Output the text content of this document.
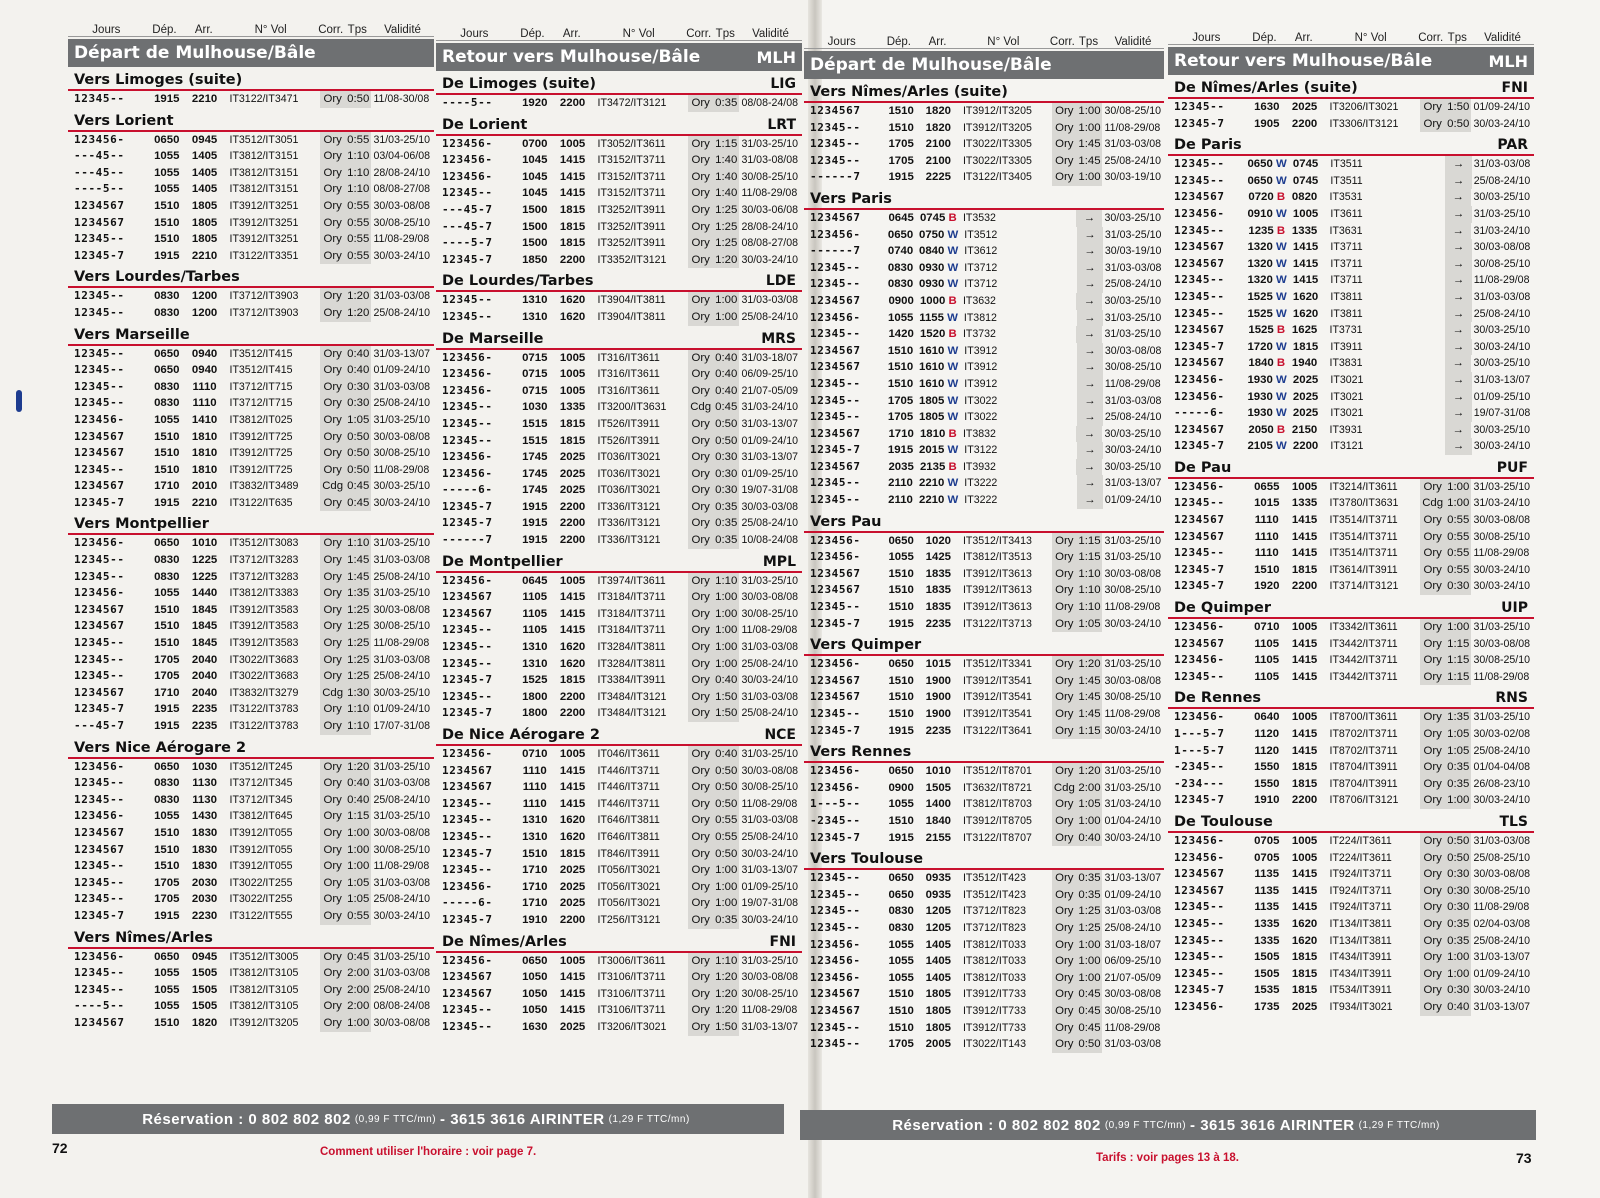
Jours	Dép.	Arr.	N° Vol	Corr. Tps	Validité
Départ de Mulhouse/Bâle
Vers Limoges (suite)
12345--	1915	2210	IT3122/IT3471	Ory 0:50 11/08-30/08
Vers Lorient
123456-	0650	0945	IT3512/IT3051	Ory 0:55 31/03-25/10
---45--	1055	1405	IT3812/IT3151	Ory 1:10 03/04-06/08
---45--	1055	1405	IT3812/IT3151	Ory 1:10 28/08-24/10
----5--	1055	1405	IT3812/IT3151	Ory 1:10 08/08-27/08
1234567	1510	1805	IT3912/IT3251	Ory 0:55 30/03-08/08
1234567	1510	1805	IT3912/IT3251	Ory 0:55 30/08-25/10
12345--	1510	1805	IT3912/IT3251	Ory 0:55 11/08-29/08
12345-7	1915	2210	IT3122/IT3351	Ory 0:55 30/03-24/10
Vers Lourdes/Tarbes
12345--	0830	1200	IT3712/IT3903	Ory 1:20 31/03-03/08
12345--	0830	1200	IT3712/IT3903	Ory 1:20 25/08-24/10
Vers Marseille
12345--	0650	0940	IT3512/IT415	Ory 0:40 31/03-13/07
12345--	0650	0940	IT3512/IT415	Ory 0:40 01/09-24/10
12345--	0830	1110	IT3712/IT715	Ory 0:30 31/03-03/08
12345--	0830	1110	IT3712/IT715	Ory 0:30 25/08-24/10
123456-	1055	1410	IT3812/IT025	Ory 1:05 31/03-25/10
1234567	1510	1810	IT3912/IT725	Ory 0:50 30/03-08/08
1234567	1510	1810	IT3912/IT725	Ory 0:50 30/08-25/10
12345--	1510	1810	IT3912/IT725	Ory 0:50 11/08-29/08
1234567	1710	2010	IT3832/IT3489	Cdg 0:45 30/03-25/10
12345-7	1915	2210	IT3122/IT635	Ory 0:45 30/03-24/10
Vers Montpellier
123456-	0650	1010	IT3512/IT3083	Ory 1:10 31/03-25/10
12345--	0830	1225	IT3712/IT3283	Ory 1:45 31/03-03/08
12345--	0830	1225	IT3712/IT3283	Ory 1:45 25/08-24/10
123456-	1055	1440	IT3812/IT3383	Ory 1:35 31/03-25/10
1234567	1510	1845	IT3912/IT3583	Ory 1:25 30/03-08/08
1234567	1510	1845	IT3912/IT3583	Ory 1:25 30/08-25/10
12345--	1510	1845	IT3912/IT3583	Ory 1:25 11/08-29/08
12345--	1705	2040	IT3022/IT3683	Ory 1:25 31/03-03/08
12345--	1705	2040	IT3022/IT3683	Ory 1:25 25/08-24/10
1234567	1710	2040	IT3832/IT3279	Cdg 1:30 30/03-25/10
12345-7	1915	2235	IT3122/IT3783	Ory 1:10 01/09-24/10
---45-7	1915	2235	IT3122/IT3783	Ory 1:10 17/07-31/08
Vers Nice Aérogare 2
123456-	0650	1030	IT3512/IT245	Ory 1:20 31/03-25/10
12345--	0830	1130	IT3712/IT345	Ory 0:40 31/03-03/08
12345--	0830	1130	IT3712/IT345	Ory 0:40 25/08-24/10
123456-	1055	1430	IT3812/IT645	Ory 1:15 31/03-25/10
1234567	1510	1830	IT3912/IT055	Ory 1:00 30/03-08/08
1234567	1510	1830	IT3912/IT055	Ory 1:00 30/08-25/10
12345--	1510	1830	IT3912/IT055	Ory 1:00 11/08-29/08
12345--	1705	2030	IT3022/IT255	Ory 1:05 31/03-03/08
12345--	1705	2030	IT3022/IT255	Ory 1:05 25/08-24/10
12345-7	1915	2230	IT3122/IT555	Ory 0:55 30/03-24/10
Vers Nîmes/Arles
123456-	0650	0945	IT3512/IT3005	Ory 0:45 31/03-25/10
12345--	1055	1505	IT3812/IT3105	Ory 2:00 31/03-03/08
12345--	1055	1505	IT3812/IT3105	Ory 2:00 25/08-24/10
----5--	1055	1505	IT3812/IT3105	Ory 2:00 08/08-24/08
1234567	1510	1820	IT3912/IT3205	Ory 1:00 30/03-08/08
Jours	Dép.	Arr.	N° Vol	Corr. Tps	Validité
Retour vers Mulhouse/Bâle	MLH
De Limoges (suite)	LIG
----5--	1920	2200	IT3472/IT3121	Ory 0:35 08/08-24/08
De Lorient	LRT
123456-	0700	1005	IT3052/IT3611	Ory 1:15 31/03-25/10
123456-	1045	1415	IT3152/IT3711	Ory 1:40 31/03-08/08
123456-	1045	1415	IT3152/IT3711	Ory 1:40 30/08-25/10
12345--	1045	1415	IT3152/IT3711	Ory 1:40 11/08-29/08
---45-7	1500	1815	IT3252/IT3911	Ory 1:25 30/03-06/08
---45-7	1500	1815	IT3252/IT3911	Ory 1:25 28/08-24/10
----5-7	1500	1815	IT3252/IT3911	Ory 1:25 08/08-27/08
12345-7	1850	2200	IT3352/IT3121	Ory 1:20 30/03-24/10
De Lourdes/Tarbes	LDE
12345--	1310	1620	IT3904/IT3811	Ory 1:00 31/03-03/08
12345--	1310	1620	IT3904/IT3811	Ory 1:00 25/08-24/10
De Marseille	MRS
123456-	0715	1005	IT316/IT3611	Ory 0:40 31/03-18/07
123456-	0715	1005	IT316/IT3611	Ory 0:40 06/09-25/10
123456-	0715	1005	IT316/IT3611	Ory 0:40 21/07-05/09
12345--	1030	1335	IT3200/IT3631	Cdg 0:45 31/03-24/10
12345--	1515	1815	IT526/IT3911	Ory 0:50 31/03-13/07
12345--	1515	1815	IT526/IT3911	Ory 0:50 01/09-24/10
123456-	1745	2025	IT036/IT3021	Ory 0:30 31/03-13/07
123456-	1745	2025	IT036/IT3021	Ory 0:30 01/09-25/10
-----6-	1745	2025	IT036/IT3021	Ory 0:30 19/07-31/08
12345-7	1915	2200	IT336/IT3121	Ory 0:35 30/03-03/08
12345-7	1915	2200	IT336/IT3121	Ory 0:35 25/08-24/10
------7	1915	2200	IT336/IT3121	Ory 0:35 10/08-24/08
De Montpellier	MPL
123456-	0645	1005	IT3974/IT3611	Ory 1:10 31/03-25/10
1234567	1105	1415	IT3184/IT3711	Ory 1:00 30/03-08/08
1234567	1105	1415	IT3184/IT3711	Ory 1:00 30/08-25/10
12345--	1105	1415	IT3184/IT3711	Ory 1:00 11/08-29/08
12345--	1310	1620	IT3284/IT3811	Ory 1:00 31/03-03/08
12345--	1310	1620	IT3284/IT3811	Ory 1:00 25/08-24/10
12345-7	1525	1815	IT3384/IT3911	Ory 0:40 30/03-24/10
12345--	1800	2200	IT3484/IT3121	Ory 1:50 31/03-03/08
12345-7	1800	2200	IT3484/IT3121	Ory 1:50 25/08-24/10
De Nice Aérogare 2	NCE
123456-	0710	1005	IT046/IT3611	Ory 0:40 31/03-25/10
1234567	1110	1415	IT446/IT3711	Ory 0:50 30/03-08/08
1234567	1110	1415	IT446/IT3711	Ory 0:50 30/08-25/10
12345--	1110	1415	IT446/IT3711	Ory 0:50 11/08-29/08
12345--	1310	1620	IT646/IT3811	Ory 0:55 31/03-03/08
12345--	1310	1620	IT646/IT3811	Ory 0:55 25/08-24/10
12345-7	1510	1815	IT846/IT3911	Ory 0:50 30/03-24/10
12345--	1710	2025	IT056/IT3021	Ory 1:00 31/03-13/07
123456-	1710	2025	IT056/IT3021	Ory 1:00 01/09-25/10
-----6-	1710	2025	IT056/IT3021	Ory 1:00 19/07-31/08
12345-7	1910	2200	IT256/IT3121	Ory 0:35 30/03-24/10
De Nîmes/Arles	FNI
123456-	0650	1005	IT3006/IT3611	Ory 1:10 31/03-25/10
1234567	1050	1415	IT3106/IT3711	Ory 1:20 30/03-08/08
1234567	1050	1415	IT3106/IT3711	Ory 1:20 30/08-25/10
12345--	1050	1415	IT3106/IT3711	Ory 1:20 11/08-29/08
12345--	1630	2025	IT3206/IT3021	Ory 1:50 31/03-13/07
Jours	Dép.	Arr.	N° Vol	Corr. Tps	Validité
Départ de Mulhouse/Bâle
Vers Nîmes/Arles (suite)
1234567	1510	1820	IT3912/IT3205	Ory 1:00 30/08-25/10
12345--	1510	1820	IT3912/IT3205	Ory 1:00 11/08-29/08
12345--	1705	2100	IT3022/IT3305	Ory 1:45 31/03-03/08
12345--	1705	2100	IT3022/IT3305	Ory 1:45 25/08-24/10
------7	1915	2225	IT3122/IT3405	Ory 1:00 30/03-19/10
Vers Paris
1234567	0645 0745 B IT3532	→ 30/03-25/10
123456-	0650 0750 W IT3512	→ 31/03-25/10
------7	0740 0840 W IT3612	→ 30/03-19/10
12345--	0830 0930 W IT3712	→ 31/03-03/08
12345--	0830 0930 W IT3712	→ 25/08-24/10
1234567	0900 1000 B IT3632	→ 30/03-25/10
123456-	1055 1155 W IT3812	→ 31/03-25/10
12345--	1420 1520 B IT3732	→ 31/03-25/10
1234567	1510 1610 W IT3912	→ 30/03-08/08
1234567	1510 1610 W IT3912	→ 30/08-25/10
12345--	1510 1610 W IT3912	→ 11/08-29/08
12345--	1705 1805 W IT3022	→ 31/03-03/08
12345--	1705 1805 W IT3022	→ 25/08-24/10
1234567	1710 1810 B IT3832	→ 30/03-25/10
12345-7	1915 2015 W IT3122	→ 30/03-24/10
1234567	2035 2135 B IT3932	→ 30/03-25/10
12345--	2110 2210 W IT3222	→ 31/03-13/07
12345--	2110 2210 W IT3222	→ 01/09-24/10
Vers Pau
123456-	0650	1020	IT3512/IT3413	Ory 1:15 31/03-25/10
123456-	1055	1425	IT3812/IT3513	Ory 1:15 31/03-25/10
1234567	1510	1835	IT3912/IT3613	Ory 1:10 30/03-08/08
1234567	1510	1835	IT3912/IT3613	Ory 1:10 30/08-25/10
12345--	1510	1835	IT3912/IT3613	Ory 1:10 11/08-29/08
12345-7	1915	2235	IT3122/IT3713	Ory 1:05 30/03-24/10
Vers Quimper
123456-	0650	1015	IT3512/IT3341	Ory 1:20 31/03-25/10
1234567	1510	1900	IT3912/IT3541	Ory 1:45 30/03-08/08
1234567	1510	1900	IT3912/IT3541	Ory 1:45 30/08-25/10
12345--	1510	1900	IT3912/IT3541	Ory 1:45 11/08-29/08
12345-7	1915	2235	IT3122/IT3641	Ory 1:15 30/03-24/10
Vers Rennes
123456-	0650	1010	IT3512/IT8701	Ory 1:20 31/03-25/10
123456-	0900	1505	IT3632/IT8721	Cdg 2:00 31/03-25/10
1---5--	1055	1400	IT3812/IT8703	Ory 1:05 31/03-24/10
-2345--	1510	1840	IT3912/IT8705	Ory 1:00 01/04-24/10
12345-7	1915	2155	IT3122/IT8707	Ory 0:40 30/03-24/10
Vers Toulouse
12345--	0650	0935	IT3512/IT423	Ory 0:35 31/03-13/07
12345--	0650	0935	IT3512/IT423	Ory 0:35 01/09-24/10
12345--	0830	1205	IT3712/IT823	Ory 1:25 31/03-03/08
12345--	0830	1205	IT3712/IT823	Ory 1:25 25/08-24/10
123456-	1055	1405	IT3812/IT033	Ory 1:00 31/03-18/07
123456-	1055	1405	IT3812/IT033	Ory 1:00 06/09-25/10
123456-	1055	1405	IT3812/IT033	Ory 1:00 21/07-05/09
1234567	1510	1805	IT3912/IT733	Ory 0:45 30/03-08/08
1234567	1510	1805	IT3912/IT733	Ory 0:45 30/08-25/10
12345--	1510	1805	IT3912/IT733	Ory 0:45 11/08-29/08
12345--	1705	2005	IT3022/IT143	Ory 0:50 31/03-03/08
Jours	Dép.	Arr.	N° Vol	Corr. Tps	Validité
Retour vers Mulhouse/Bâle	MLH
De Nîmes/Arles (suite)	FNI
12345--	1630	2025	IT3206/IT3021	Ory 1:50 01/09-24/10
12345-7	1905	2200	IT3306/IT3121	Ory 0:50 30/03-24/10
De Paris	PAR
12345--	0650 W 0745	IT3511	→ 31/03-03/08
12345--	0650 W 0745	IT3511	→ 25/08-24/10
1234567	0720 B 0820	IT3531	→ 30/03-25/10
123456-	0910 W 1005	IT3611	→ 31/03-25/10
12345--	1235 B 1335	IT3631	→ 31/03-24/10
1234567	1320 W 1415	IT3711	→ 30/03-08/08
1234567	1320 W 1415	IT3711	→ 30/08-25/10
12345--	1320 W 1415	IT3711	→ 11/08-29/08
12345--	1525 W 1620	IT3811	→ 31/03-03/08
12345--	1525 W 1620	IT3811	→ 25/08-24/10
1234567	1525 B 1625	IT3731	→ 30/03-25/10
12345-7	1720 W 1815	IT3911	→ 30/03-24/10
1234567	1840 B 1940	IT3831	→ 30/03-25/10
123456-	1930 W 2025	IT3021	→ 31/03-13/07
123456-	1930 W 2025	IT3021	→ 01/09-25/10
-----6-	1930 W 2025	IT3021	→ 19/07-31/08
1234567	2050 B 2150	IT3931	→ 30/03-25/10
12345-7	2105 W 2200	IT3121	→ 30/03-24/10
De Pau	PUF
123456-	0655	1005	IT3214/IT3611	Ory 1:00 31/03-25/10
12345--	1015	1335	IT3780/IT3631	Cdg 1:00 31/03-24/10
1234567	1110	1415	IT3514/IT3711	Ory 0:55 30/03-08/08
1234567	1110	1415	IT3514/IT3711	Ory 0:55 30/08-25/10
12345--	1110	1415	IT3514/IT3711	Ory 0:55 11/08-29/08
12345-7	1510	1815	IT3614/IT3911	Ory 0:55 30/03-24/10
12345-7	1920	2200	IT3714/IT3121	Ory 0:30 30/03-24/10
De Quimper	UIP
123456-	0710	1005	IT3342/IT3611	Ory 1:00 31/03-25/10
1234567	1105	1415	IT3442/IT3711	Ory 1:15 30/03-08/08
123456-	1105	1415	IT3442/IT3711	Ory 1:15 30/08-25/10
12345--	1105	1415	IT3442/IT3711	Ory 1:15 11/08-29/08
De Rennes	RNS
123456-	0640	1005	IT8700/IT3611	Ory 1:35 31/03-25/10
1---5-7	1120	1415	IT8702/IT3711	Ory 1:05 30/03-02/08
1---5-7	1120	1415	IT8702/IT3711	Ory 1:05 25/08-24/10
-2345--	1550	1815	IT8704/IT3911	Ory 0:35 01/04-04/08
-234---	1550	1815	IT8704/IT3911	Ory 0:35 26/08-23/10
12345-7	1910	2200	IT8706/IT3121	Ory 1:00 30/03-24/10
De Toulouse	TLS
123456-	0705	1005	IT224/IT3611	Ory 0:50 31/03-03/08
123456-	0705	1005	IT224/IT3611	Ory 0:50 25/08-25/10
1234567	1135	1415	IT924/IT3711	Ory 0:30 30/03-08/08
1234567	1135	1415	IT924/IT3711	Ory 0:30 30/08-25/10
12345--	1135	1415	IT924/IT3711	Ory 0:30 11/08-29/08
12345--	1335	1620	IT134/IT3811	Ory 0:35 02/04-03/08
12345--	1335	1620	IT134/IT3811	Ory 0:35 25/08-24/10
12345--	1505	1815	IT434/IT3911	Ory 1:00 31/03-13/07
12345--	1505	1815	IT434/IT3911	Ory 1:00 01/09-24/10
12345-7	1535	1815	IT534/IT3911	Ory 0:30 30/03-24/10
123456-	1735	2025	IT934/IT3021	Ory 0:40 31/03-13/07
Réservation : 0 802 802 802 (0,99 F TTC/mn) - 3615 3616 AIRINTER (1,29 F TTC/mn)	Réservation : 0 802 802 802 (0,99 F TTC/mn) - 3615 3616 AIRINTER (1,29 F TTC/mn)
72
73
Comment utiliser l'horaire : voir page 7.	Tarifs : voir pages 13 à 18.
